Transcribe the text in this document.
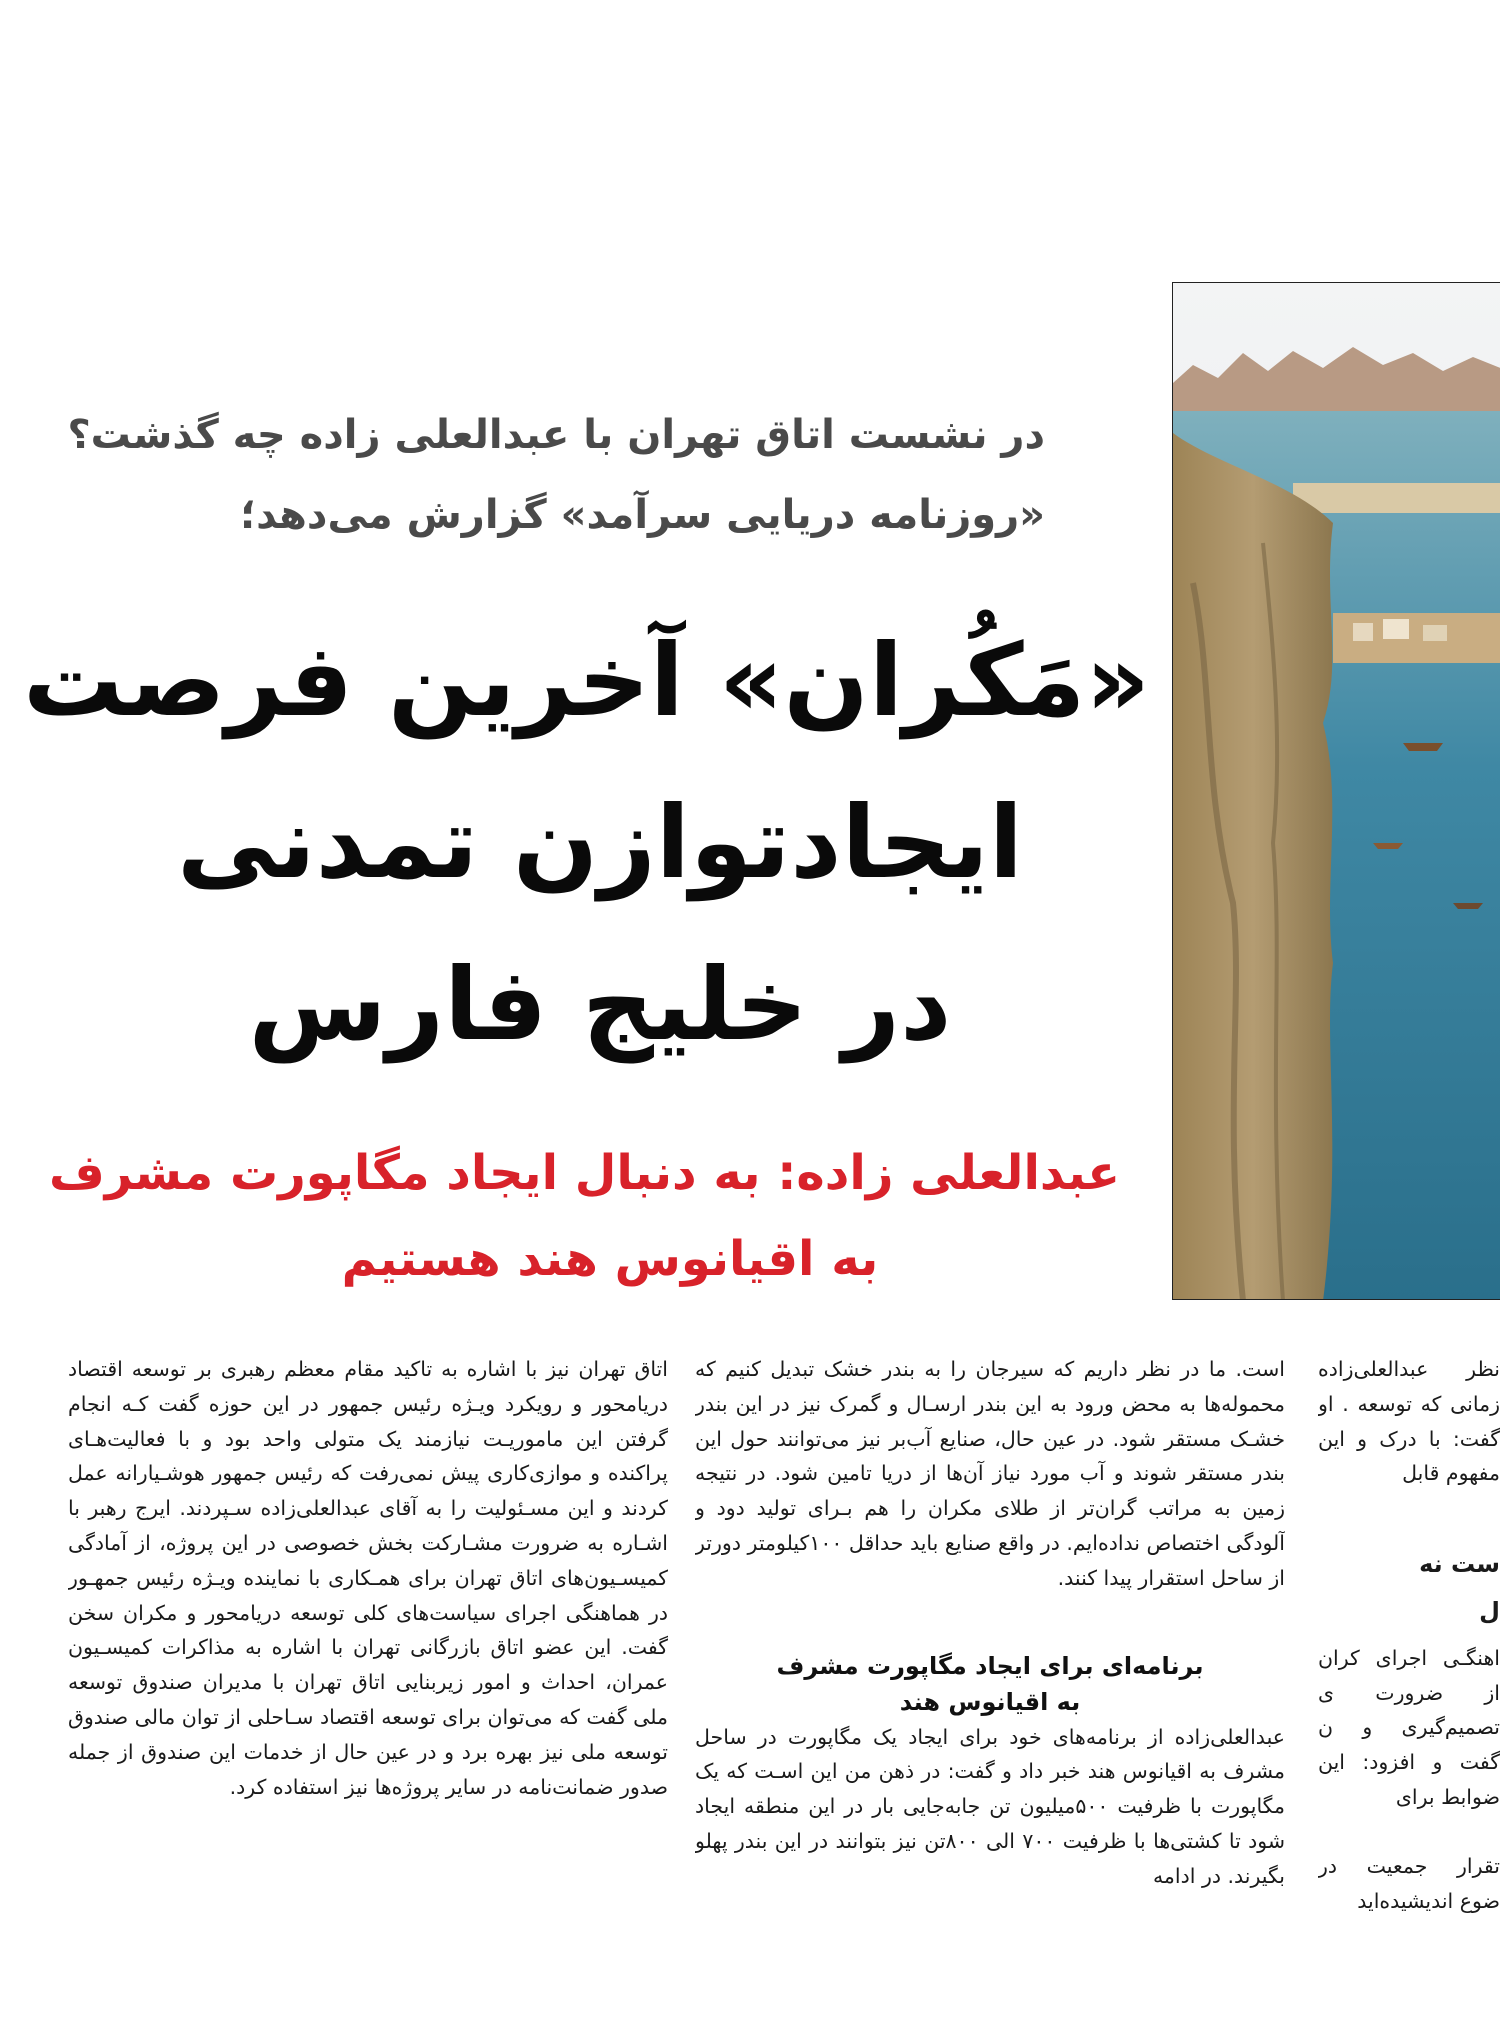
در نشست اتاق تهران با عبدالعلی زاده چه گذشت؟
«روزنامه دریایی سرآمد» گزارش می‌دهد؛
«مَکُران» آخرین فرصت
ایجادتوازن تمدنی
در خلیج فارس
عبدالعلی زاده: به دنبال ایجاد مگاپورت مشرف
به اقیانوس هند هستیم

اتاق تهران نیز با اشاره به تاکید مقام معظم رهبری بر توسعه اقتصاد دریامحور و رویکرد ویـژه رئیس جمهور در این حوزه گفت کـه انجام گرفتن این ماموریـت نیازمند یک متولی واحد بود و با فعالیت‌هـای پراکنده و موازی‌کاری پیش نمی‌رفت که رئیس جمهور هوشـیارانه عمل کردند و این مسـئولیت را به آقای عبدالعلی‌زاده سـپردند. ایرج رهبر با اشـاره به ضرورت مشـارکت بخش خصوصی در این پروژه، از آمادگی کمیسـیون‌های اتاق تهران برای همـکاری با نماینده ویـژه رئیس جمهـور در هماهنگی اجرای سیاست‌های کلی توسعه دریامحور و مکران سخن گفت. این عضو اتاق بازرگانی تهران با اشاره به مذاکرات کمیسـیون عمران، احداث و امور زیربنایی اتاق تهران با مدیران صندوق توسعه ملی گفت که می‌توان برای توسعه اقتصاد سـاحلی از توان مالی صندوق توسعه ملی نیز بهره برد و در عین حال از خدمات این صندوق از جمله صدور ضمانت‌نامه در سایر پروژه‌ها نیز استفاده کرد.

است. ما در نظر داریم که سیرجان را به بندر خشک تبدیل کنیم که محموله‌ها به محض ورود به این بندر ارسـال و گمرک نیز در این بندر خشـک مستقر شود. در عین حال، صنایع آب‌بر نیز می‌توانند حول این بندر مستقر شوند و آب مورد نیاز آن‌ها از دریا تامین شود. در نتیجه زمین به مراتب گران‌تر از طلای مکران را هم بـرای تولید دود و آلودگی اختصاص نداده‌ایم. در واقع صنایع باید حداقل ۱۰۰کیلومتر دورتر از ساحل استقرار پیدا کنند.

برنامه‌ای برای ایجاد مگاپورت مشرف
به اقیانوس هند

عبدالعلی‌زاده از برنامه‌های خود برای ایجاد یک مگاپورت در ساحل مشرف به اقیانوس هند خبر داد و گفت: در ذهن من این اسـت که یک مگاپورت با ظرفیت ۵۰۰میلیون تن جابه‌جایی بار در این منطقه ایجاد شود تا کشتی‌ها با ظرفیت ۷۰۰ الی ۸۰۰تن نیز بتوانند در این بندر پهلو بگیرند. در ادامه

نظر عبدالعلی‌زاده زمانی که توسعه . او گفت: با درک و این مفهوم قابل

ست نه
ل

اهنگـی اجرای کران از ضرورت ی تصمیم‌گیری و ن گفت و افزود: این ضوابط برای

تقرار جمعیت در ضوع اندیشیده‌اید
